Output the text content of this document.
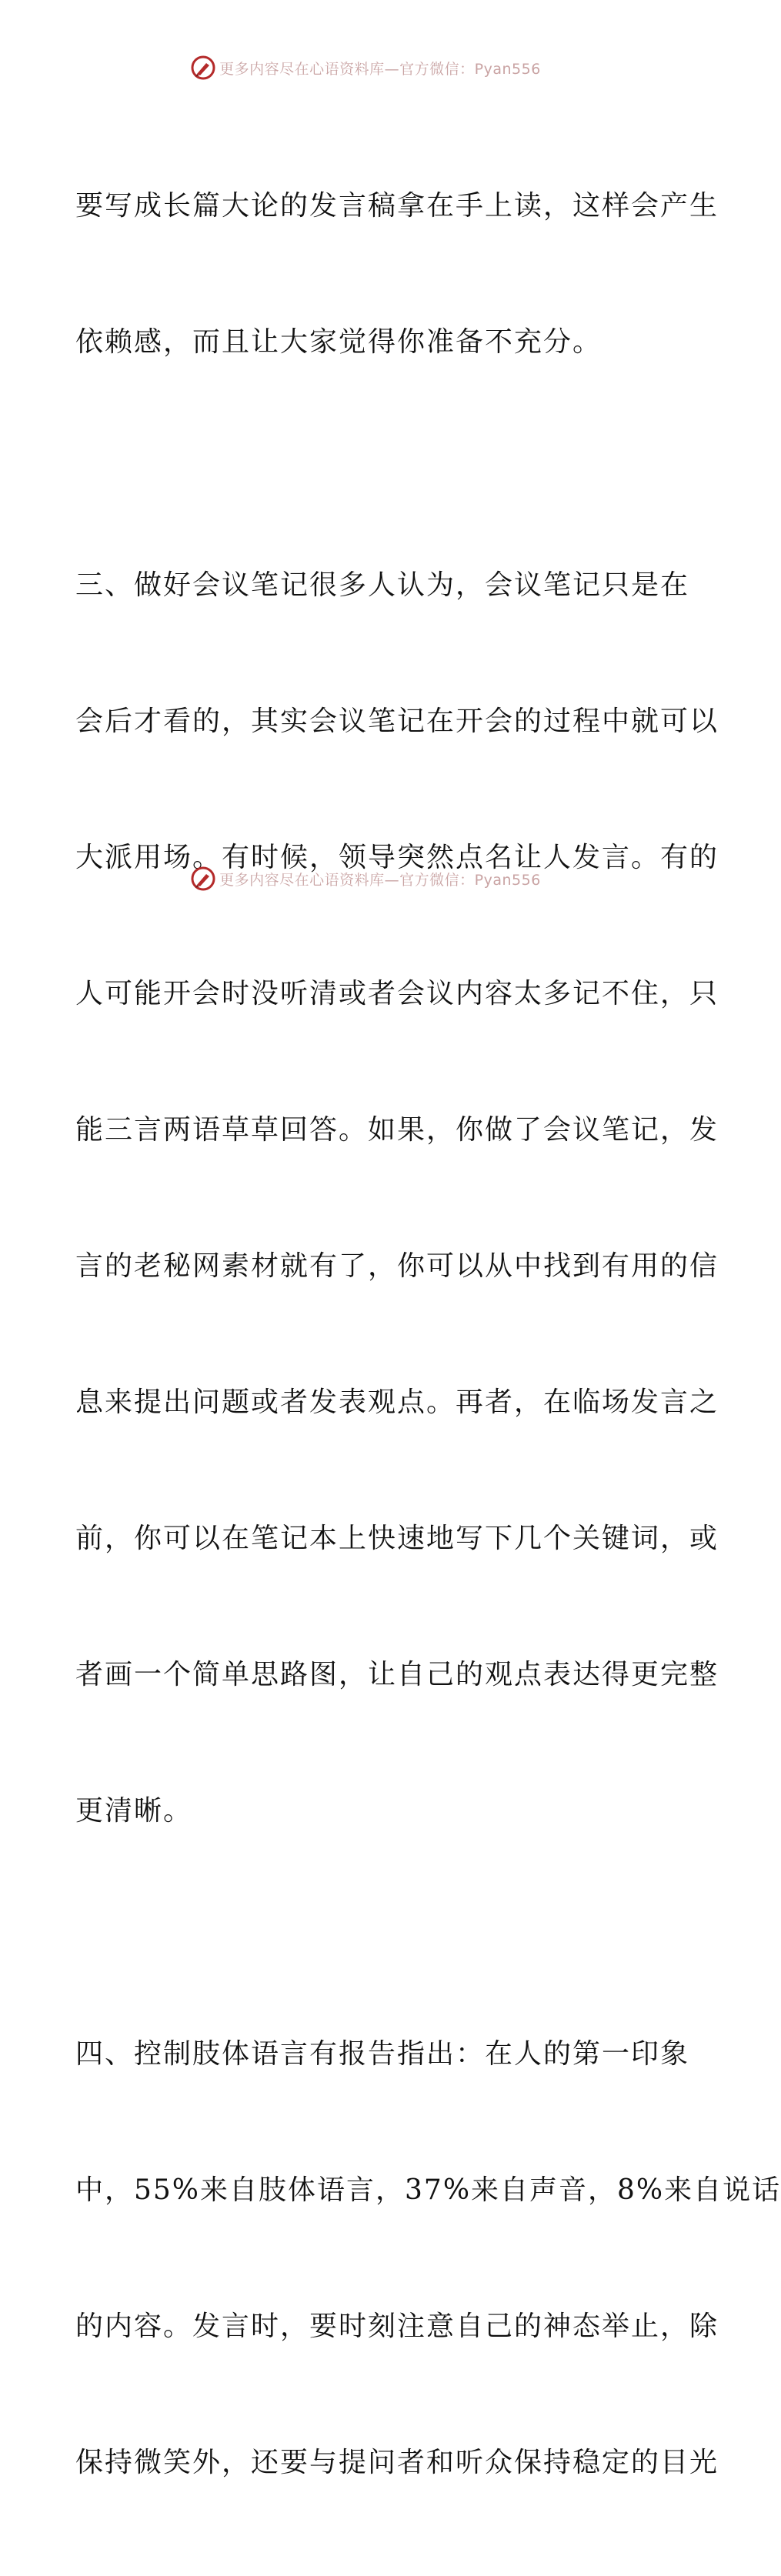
更多内容尽在心语资料库—官方微信：Pyan556

要写成长篇大论的发言稿拿在手上读，这样会产生

依赖感，而且让大家觉得你准备不充分。

三、做好会议笔记很多人认为，会议笔记只是在

会后才看的，其实会议笔记在开会的过程中就可以

大派用场。有时候，领导突然点名让人发言。有的

人可能开会时没听清或者会议内容太多记不住，只

能三言两语草草回答。如果，你做了会议笔记，发

言的老秘网素材就有了，你可以从中找到有用的信

息来提出问题或者发表观点。再者，在临场发言之

前，你可以在笔记本上快速地写下几个关键词，或

者画一个简单思路图，让自己的观点表达得更完整

更清晰。

四、控制肢体语言有报告指出：在人的第一印象

中，55%来自肢体语言，37%来自声音，8%来自说话

的内容。发言时，要时刻注意自己的神态举止，除

保持微笑外，还要与提问者和听众保持稳定的目光

更多内容尽在心语资料库—官方微信：Pyan556
